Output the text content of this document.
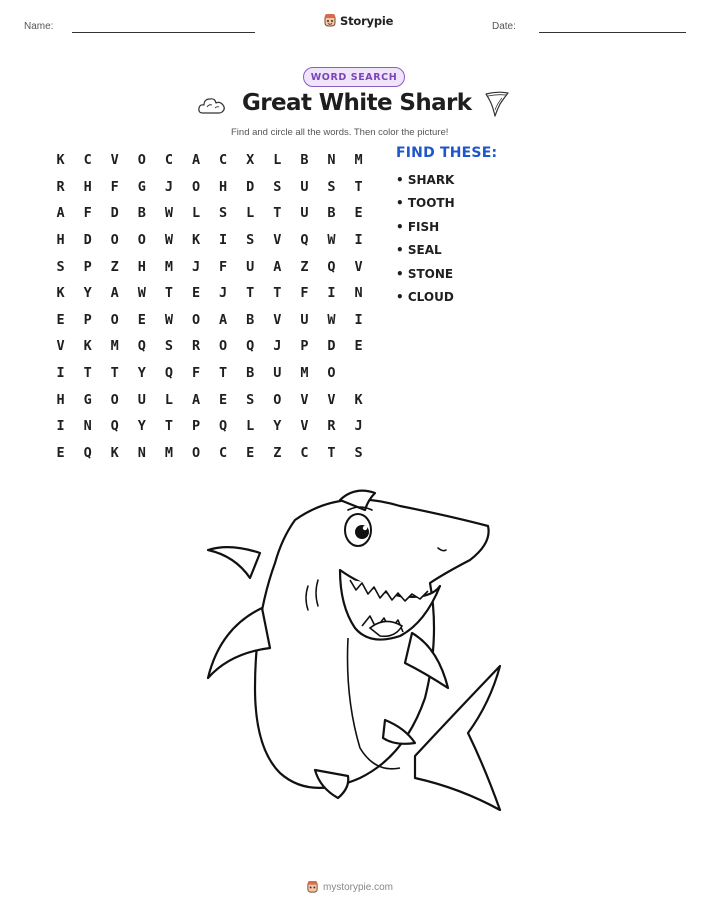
Name:	Storypie	Date:
WORD SEARCH
Great White Shark
Find and circle all the words. Then color the picture!
K	C	V	O	C	A	C	X	L	B	N	M
R	H	F	G	J	O	H	D	S	U	S	T
A	F	D	B	W	L	S	L	T	U	B	E
H	D	O	O	W	K	I	S	V	Q	W	I
S	P	Z	H	M	J	F	U	A	Z	Q	V
K	Y	A	W	T	E	J	T	T	F	I	N
E	P	O	E	W	O	A	B	V	U	W	I
V	K	M	Q	S	R	O	Q	J	P	D	E
I	T	T	Y	Q	F	T	B	U	M	O
H	G	O	U	L	A	E	S	O	V	V	K
I	N	Q	Y	T	P	Q	L	Y	V	R	J
E	Q	K	N	M	O	C	E	Z	C	T	S
FIND THESE:
• SHARK
• TOOTH
• FISH
• SEAL
• STONE
• CLOUD
mystorypie.com
